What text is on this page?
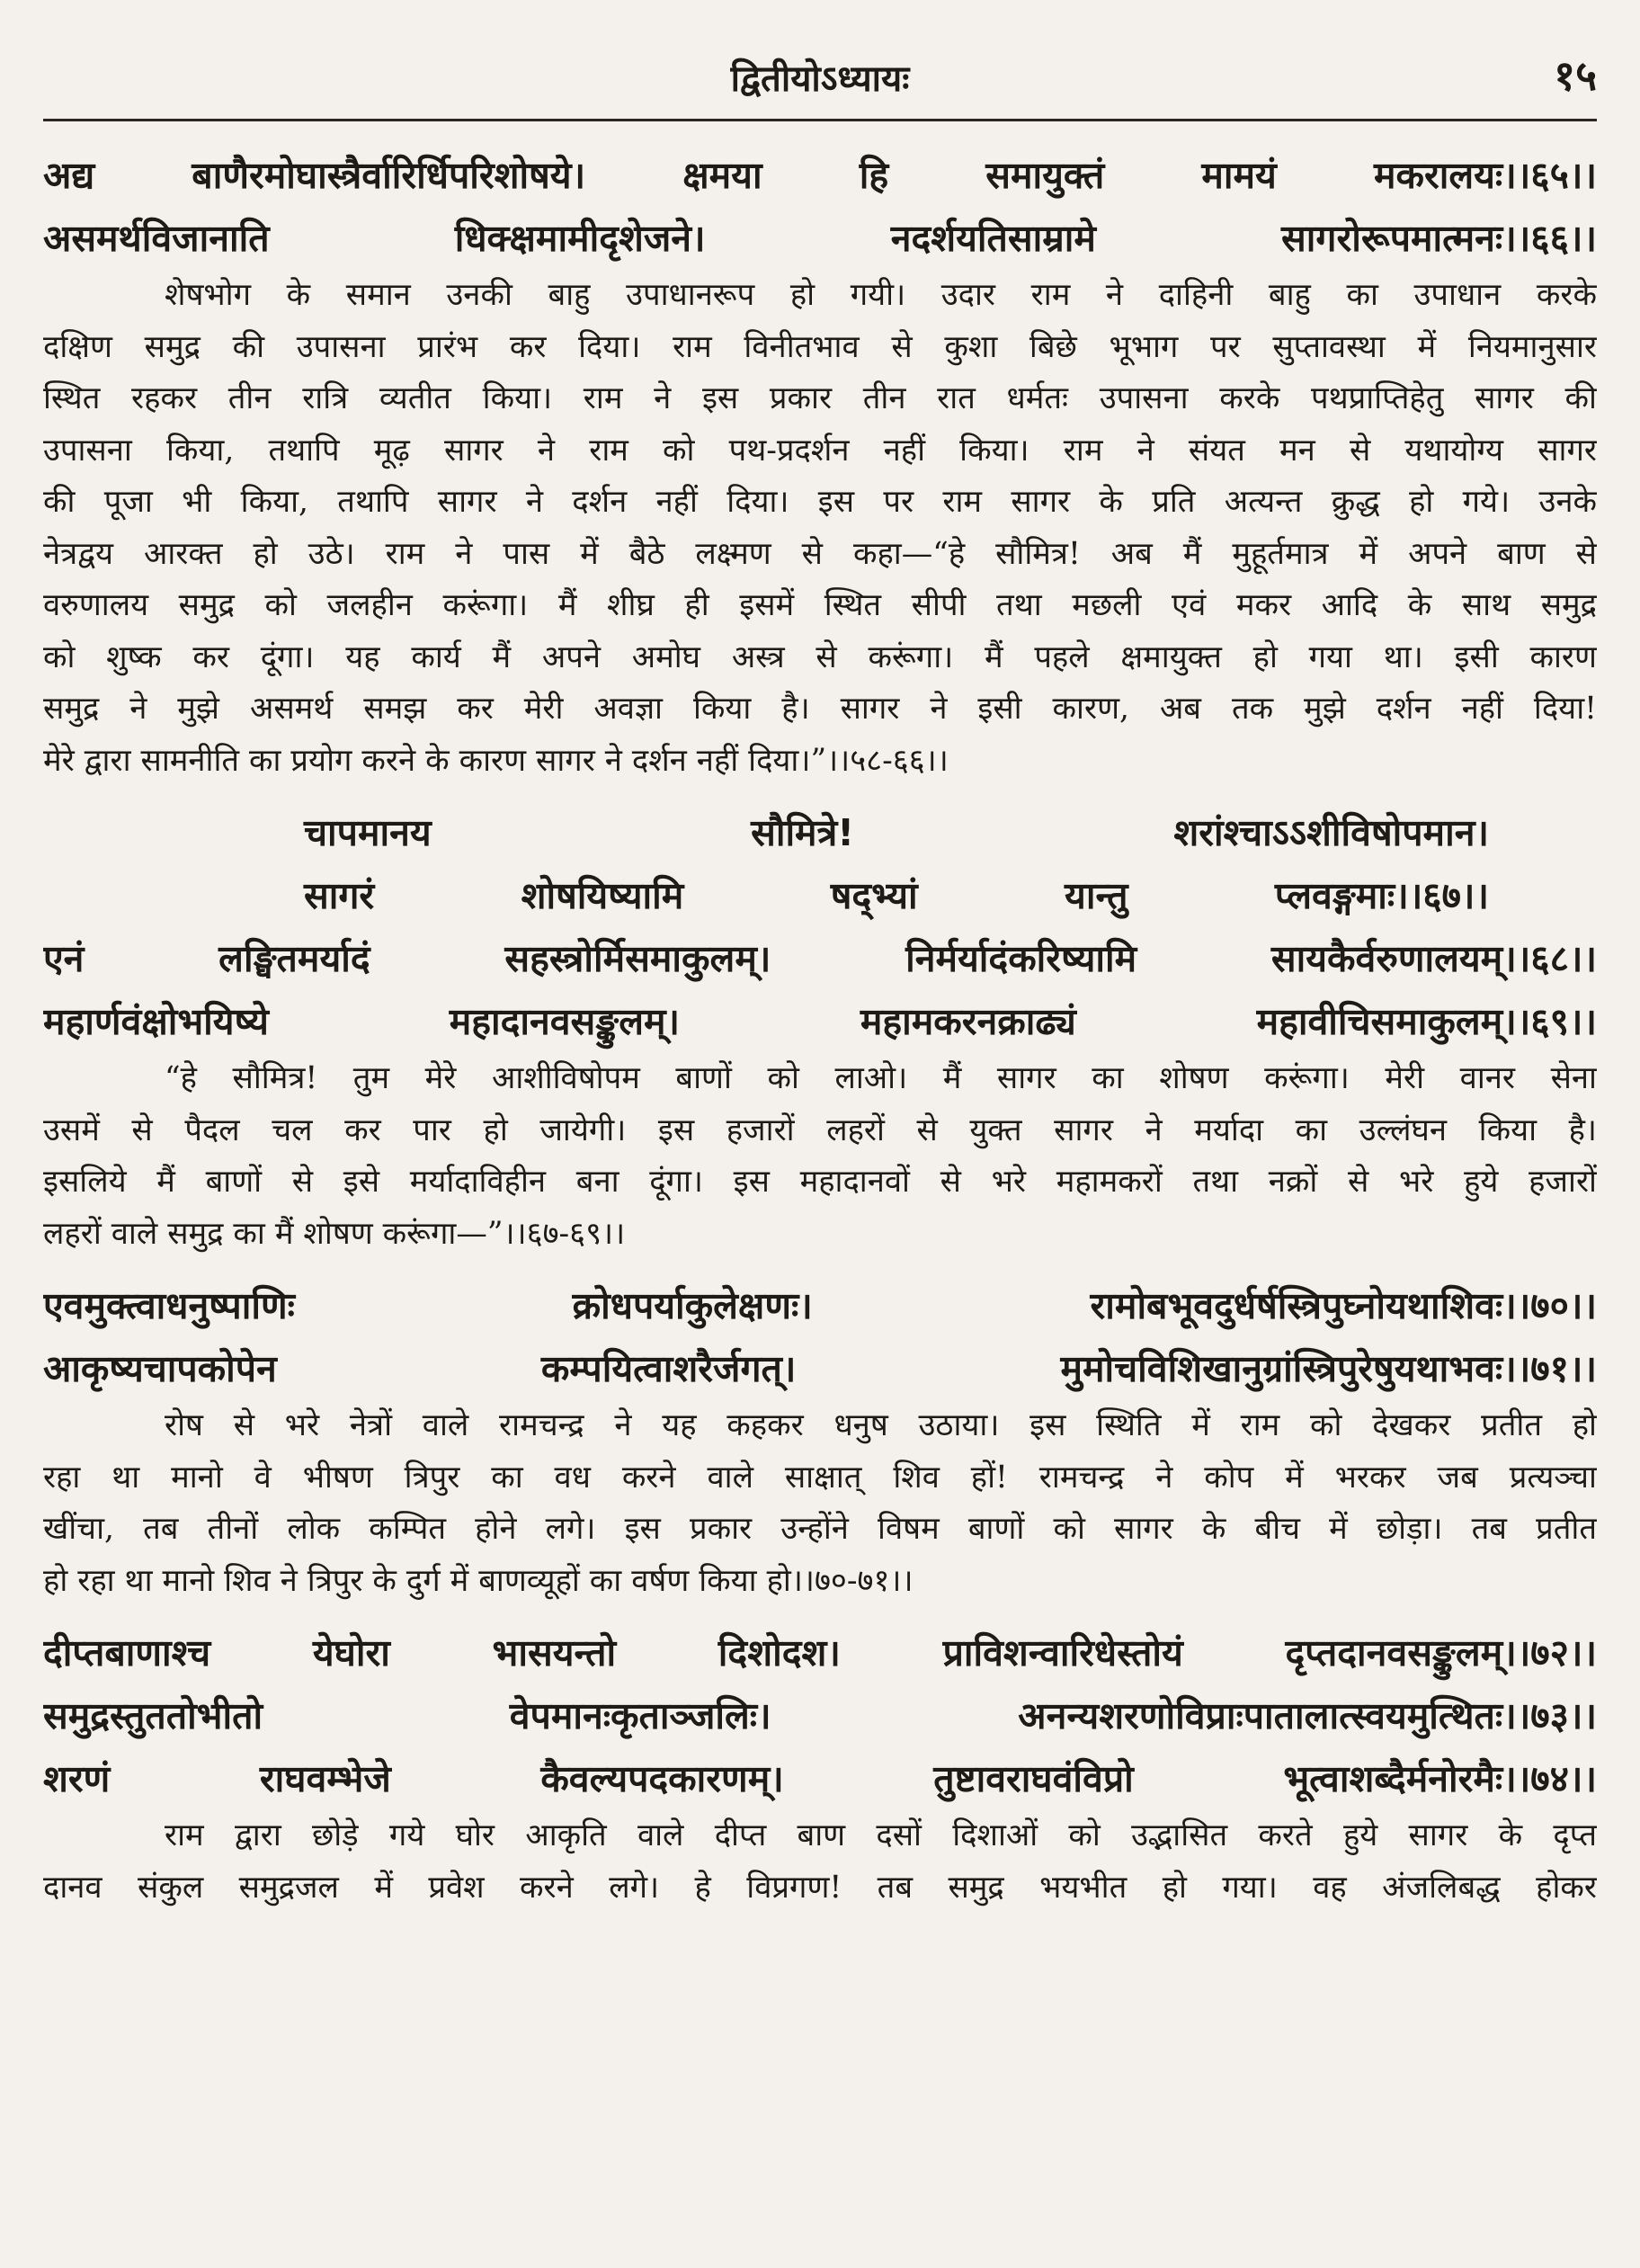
द्वितीयोऽध्यायः	१५

अद्य बाणैरमोघास्त्रैर्वारिर्धिपरिशोषये। क्षमया हि समायुक्तं मामयं मकरालयः।।६५।।

असमर्थविजानाति धिक्क्षमामीदृशेजने। नदर्शयतिसाम्रामे सागरोरूपमात्मनः।।६६।।

शेषभोग के समान उनकी बाहु उपाधानरूप हो गयी। उदार राम ने दाहिनी बाहु का उपाधान करके
दक्षिण समुद्र की उपासना प्रारंभ कर दिया। राम विनीतभाव से कुशा बिछे भूभाग पर सुप्तावस्था में नियमानुसार
स्थित रहकर तीन रात्रि व्यतीत किया। राम ने इस प्रकार तीन रात धर्मतः उपासना करके पथप्राप्तिहेतु सागर की
उपासना किया, तथापि मूढ़ सागर ने राम को पथ-प्रदर्शन नहीं किया। राम ने संयत मन से यथायोग्य सागर
की पूजा भी किया, तथापि सागर ने दर्शन नहीं दिया। इस पर राम सागर के प्रति अत्यन्त क्रुद्ध हो गये। उनके
नेत्रद्वय आरक्त हो उठे। राम ने पास में बैठे लक्ष्मण से कहा—“हे सौमित्र! अब मैं मुहूर्तमात्र में अपने बाण से
वरुणालय समुद्र को जलहीन करूंगा। मैं शीघ्र ही इसमें स्थित सीपी तथा मछली एवं मकर आदि के साथ समुद्र
को शुष्क कर दूंगा। यह कार्य मैं अपने अमोघ अस्त्र से करूंगा। मैं पहले क्षमायुक्त हो गया था। इसी कारण
समुद्र ने मुझे असमर्थ समझ कर मेरी अवज्ञा किया है। सागर ने इसी कारण, अब तक मुझे दर्शन नहीं दिया!
मेरे द्वारा सामनीति का प्रयोग करने के कारण सागर ने दर्शन नहीं दिया।”।।५८-६६।।

चापमानय सौमित्रे! शरांश्चाऽऽशीविषोपमान।

सागरं शोषयिष्यामि षद्भ्यां यान्तु प्लवङ्गमाः।।६७।।

एनं लङ्घितमर्यादं सहस्त्रोर्मिसमाकुलम्। निर्मर्यादंकरिष्यामि सायकैर्वरुणालयम्।।६८।।

महार्णवंक्षोभयिष्ये महादानवसङ्कुलम्। महामकरनक्राढ्यं महावीचिसमाकुलम्।।६९।।

“हे सौमित्र! तुम मेरे आशीविषोपम बाणों को लाओ। मैं सागर का शोषण करूंगा। मेरी वानर सेना
उसमें से पैदल चल कर पार हो जायेगी। इस हजारों लहरों से युक्त सागर ने मर्यादा का उल्लंघन किया है।
इसलिये मैं बाणों से इसे मर्यादाविहीन बना दूंगा। इस महादानवों से भरे महामकरों तथा नक्रों से भरे हुये हजारों
लहरों वाले समुद्र का मैं शोषण करूंगा—”।।६७-६९।।

एवमुक्त्वाधनुष्पाणिः क्रोधपर्याकुलेक्षणः। रामोबभूवदुर्धर्षस्त्रिपुघ्नोयथाशिवः।।७०।।

आकृष्यचापकोपेन कम्पयित्वाशरैर्जगत्। मुमोचविशिखानुग्रांस्त्रिपुरेषुयथाभवः।।७१।।

रोष से भरे नेत्रों वाले रामचन्द्र ने यह कहकर धनुष उठाया। इस स्थिति में राम को देखकर प्रतीत हो
रहा था मानो वे भीषण त्रिपुर का वध करने वाले साक्षात् शिव हों! रामचन्द्र ने कोप में भरकर जब प्रत्यञ्चा
खींचा, तब तीनों लोक कम्पित होने लगे। इस प्रकार उन्होंने विषम बाणों को सागर के बीच में छोड़ा। तब प्रतीत
हो रहा था मानो शिव ने त्रिपुर के दुर्ग में बाणव्यूहों का वर्षण किया हो।।७०-७१।।

दीप्तबाणाश्च येघोरा भासयन्तो दिशोदश। प्राविशन्वारिधेस्तोयं दृप्तदानवसङ्कुलम्।।७२।।

समुद्रस्तुततोभीतो वेपमानःकृताञ्जलिः। अनन्यशरणोविप्राःपातालात्स्वयमुत्थितः।।७३।।

शरणं राघवम्भेजे कैवल्यपदकारणम्। तुष्टावराघवंविप्रो भूत्वाशब्दैर्मनोरमैः।।७४।।

राम द्वारा छोड़े गये घोर आकृति वाले दीप्त बाण दसों दिशाओं को उद्भासित करते हुये सागर के दृप्त
दानव संकुल समुद्रजल में प्रवेश करने लगे। हे विप्रगण! तब समुद्र भयभीत हो गया। वह अंजलिबद्ध होकर
